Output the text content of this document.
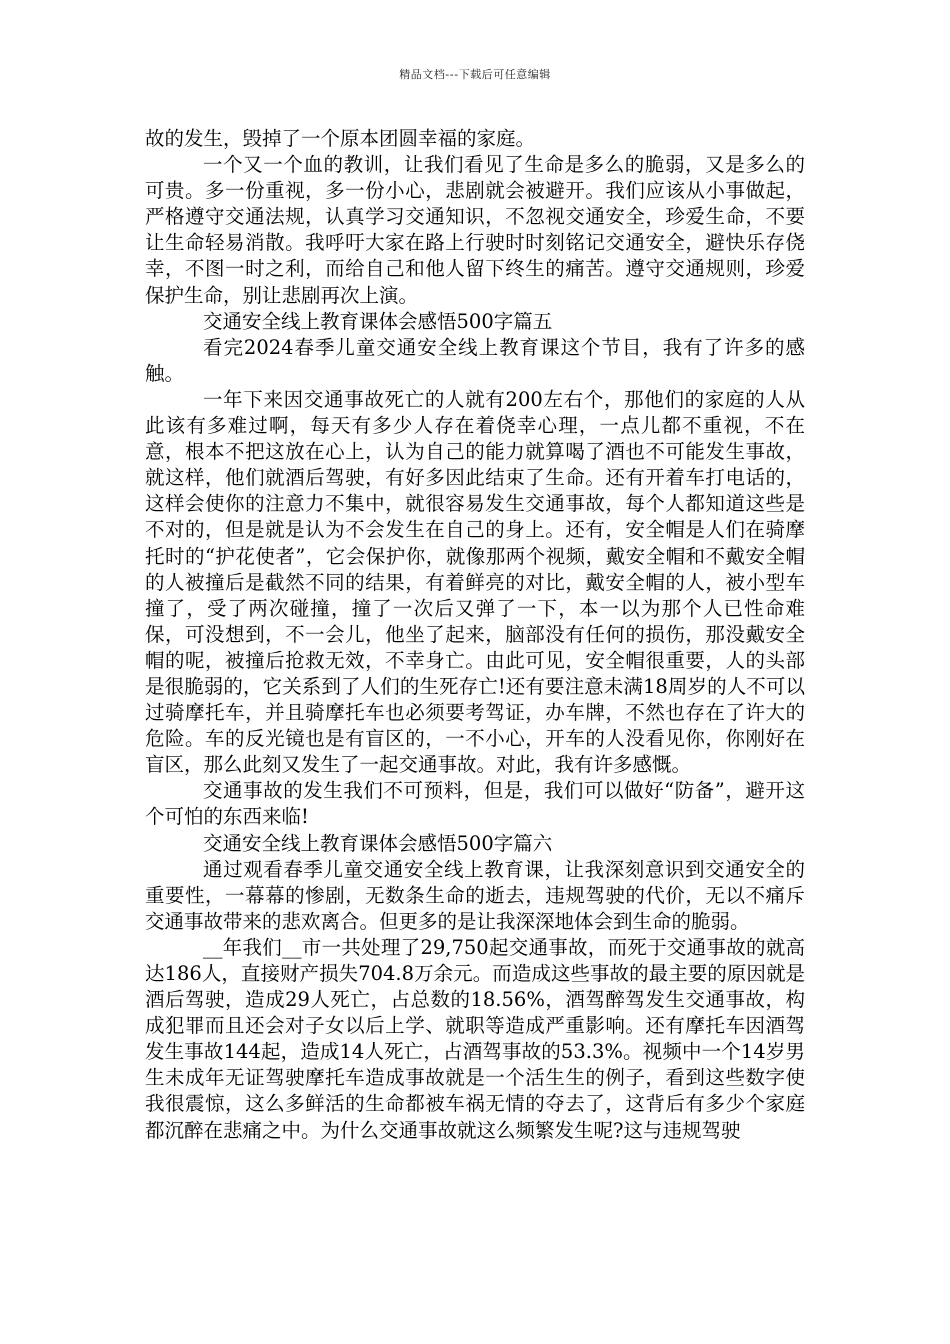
精品文档---下载后可任意编辑

故的发生，毁掉了一个原本团圆幸福的家庭。

一个又一个血的教训，让我们看见了生命是多么的脆弱，又是多么的可贵。多一份重视，多一份小心，悲剧就会被避开。我们应该从小事做起，严格遵守交通法规，认真学习交通知识，不忽视交通安全，珍爱生命，不要让生命轻易消散。我呼吁大家在路上行驶时时刻铭记交通安全，避快乐存侥幸，不图一时之利，而给自己和他人留下终生的痛苦。遵守交通规则，珍爱保护生命，别让悲剧再次上演。

交通安全线上教育课体会感悟500字篇五

看完2024春季儿童交通安全线上教育课这个节目，我有了许多的感触。

一年下来因交通事故死亡的人就有200左右个，那他们的家庭的人从此该有多难过啊，每天有多少人存在着侥幸心理，一点儿都不重视，不在意，根本不把这放在心上，认为自己的能力就算喝了酒也不可能发生事故，就这样，他们就酒后驾驶，有好多因此结束了生命。还有开着车打电话的，这样会使你的注意力不集中，就很容易发生交通事故，每个人都知道这些是不对的，但是就是认为不会发生在自己的身上。还有，安全帽是人们在骑摩托时的“护花使者”，它会保护你，就像那两个视频，戴安全帽和不戴安全帽的人被撞后是截然不同的结果，有着鲜亮的对比，戴安全帽的人，被小型车撞了，受了两次碰撞，撞了一次后又弹了一下，本一以为那个人已性命难保，可没想到，不一会儿，他坐了起来，脑部没有任何的损伤，那没戴安全帽的呢，被撞后抢救无效，不幸身亡。由此可见，安全帽很重要，人的头部是很脆弱的，它关系到了人们的生死存亡!还有要注意未满18周岁的人不可以过骑摩托车，并且骑摩托车也必须要考驾证，办车牌，不然也存在了许大的危险。车的反光镜也是有盲区的，一不小心，开车的人没看见你，你刚好在盲区，那么此刻又发生了一起交通事故。对此，我有许多感慨。

交通事故的发生我们不可预料，但是，我们可以做好“防备”，避开这个可怕的东西来临!

交通安全线上教育课体会感悟500字篇六

通过观看春季儿童交通安全线上教育课，让我深刻意识到交通安全的重要性，一幕幕的惨剧，无数条生命的逝去，违规驾驶的代价，无以不痛斥交通事故带来的悲欢离合。但更多的是让我深深地体会到生命的脆弱。

__年我们__市一共处理了29,750起交通事故，而死于交通事故的就高达186人，直接财产损失704.8万余元。而造成这些事故的最主要的原因就是酒后驾驶，造成29人死亡，占总数的18.56%，酒驾醉驾发生交通事故，构成犯罪而且还会对子女以后上学、就职等造成严重影响。还有摩托车因酒驾发生事故144起，造成14人死亡，占酒驾事故的53.3%。视频中一个14岁男生未成年无证驾驶摩托车造成事故就是一个活生生的例子，看到这些数字使我很震惊，这么多鲜活的生命都被车祸无情的夺去了，这背后有多少个家庭都沉醉在悲痛之中。为什么交通事故就这么频繁发生呢?这与违规驾驶
